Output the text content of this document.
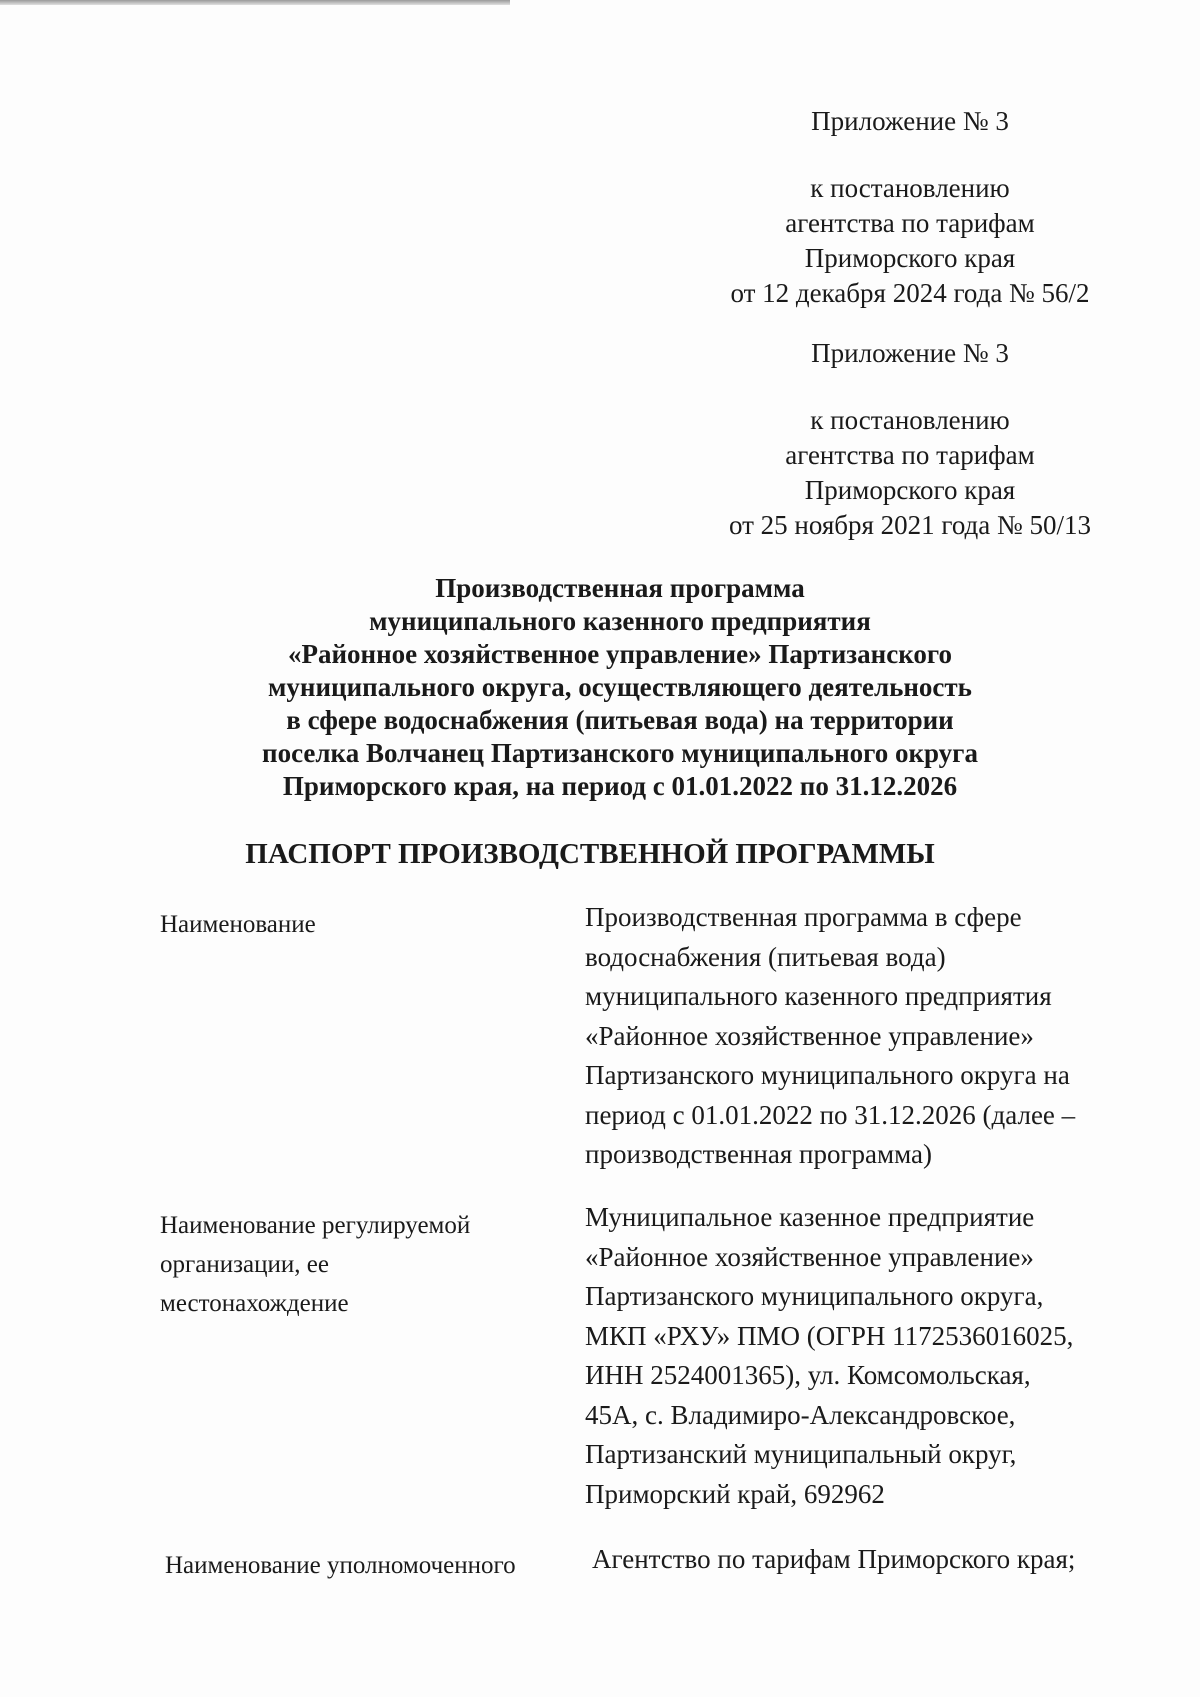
Приложение № 3

к постановлению

агентства по тарифам

Приморского края

от 12 декабря 2024 года № 56/2

Приложение № 3

к постановлению

агентства по тарифам

Приморского края

от 25 ноября 2021 года № 50/13

Производственная программа

муниципального казенного предприятия

«Районное хозяйственное управление» Партизанского

муниципального округа, осуществляющего деятельность

в сфере водоснабжения (питьевая вода) на территории

поселка Волчанец Партизанского муниципального округа

Приморского края, на период с 01.01.2022 по 31.12.2026

ПАСПОРТ ПРОИЗВОДСТВЕННОЙ ПРОГРАММЫ

Наименование	Производственная программа в сфере

водоснабжения (питьевая вода)

муниципального казенного предприятия

«Районное хозяйственное управление»

Партизанского муниципального округа на

период с 01.01.2022 по 31.12.2026 (далее –

производственная программа)

Наименование регулируемой

организации, ее

местонахождение

Муниципальное казенное предприятие

«Районное хозяйственное управление»

Партизанского муниципального округа,

МКП «РХУ» ПМО (ОГРН 1172536016025,

ИНН 2524001365), ул. Комсомольская,

45А, с. Владимиро-Александровское,

Партизанский муниципальный округ,

Приморский край, 692962

Наименование уполномоченного	Агентство по тарифам Приморского края;
